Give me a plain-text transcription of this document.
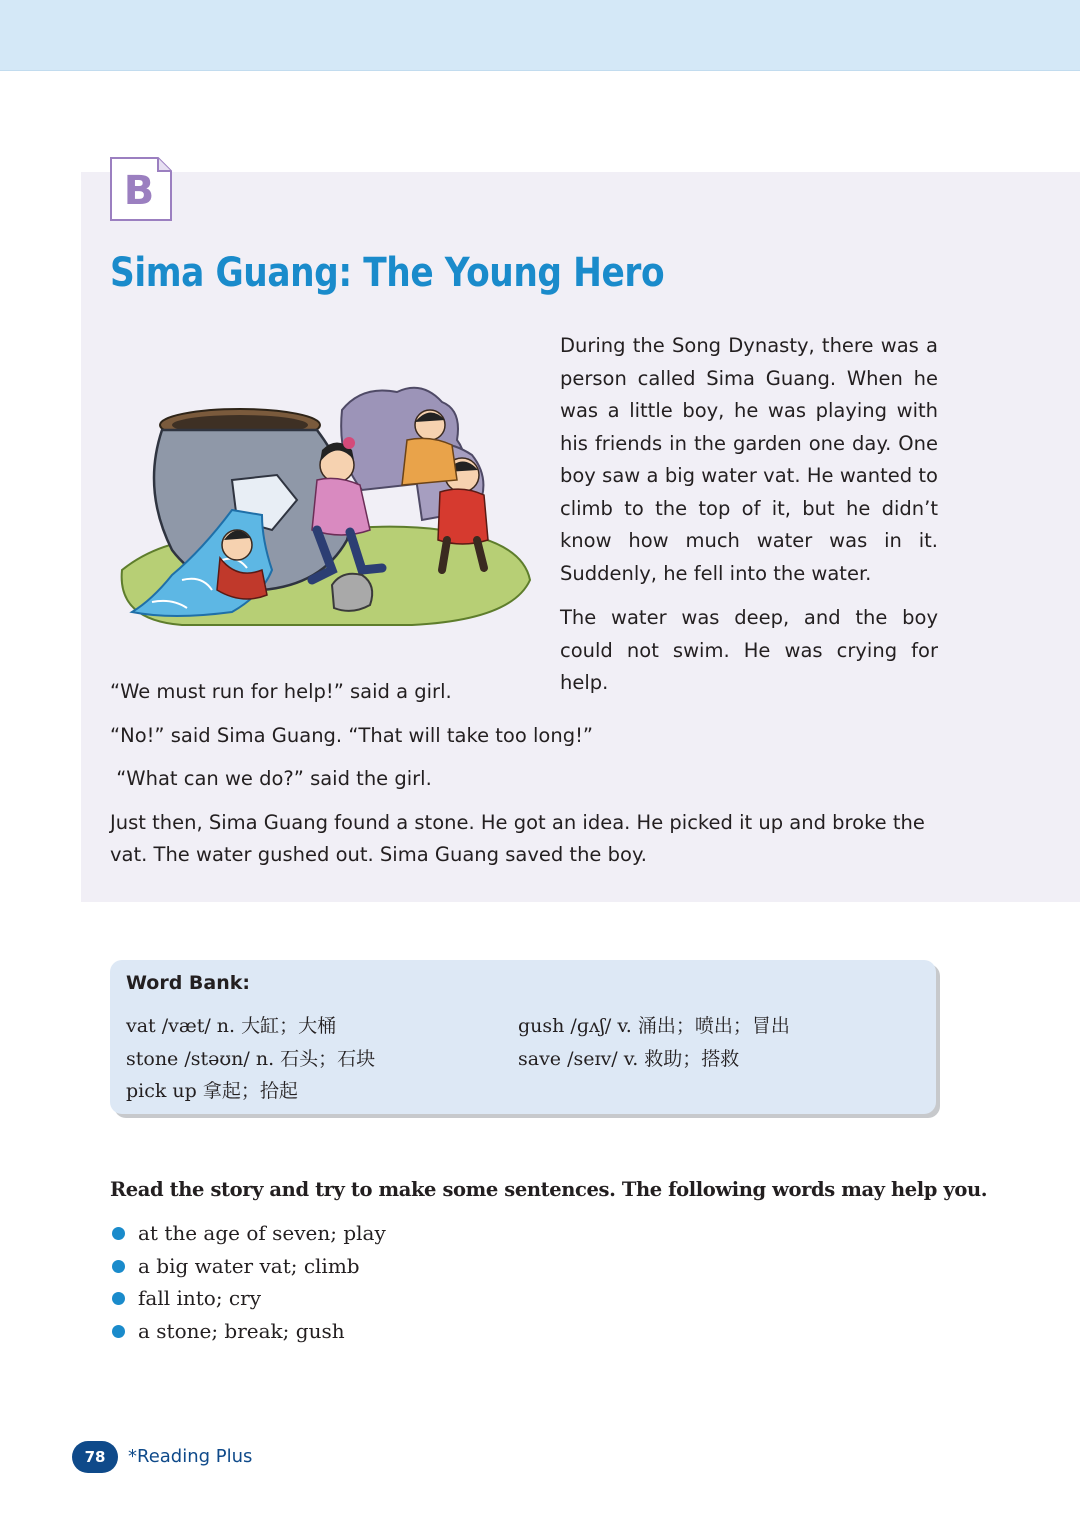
B
Sima Guang: The Young Hero

During the Song Dynasty, there was a person called Sima Guang. When he was a little boy, he was playing with his friends in the garden one day. One boy saw a big water vat. He wanted to climb to the top of it, but he didn’t know how much water was in it. Suddenly, he fell into the water.

The water was deep, and the boy could not swim. He was crying for help.

“We must run for help!” said a girl.

“No!” said Sima Guang. “That will take too long!”

“What can we do?” said the girl.

Just then, Sima Guang found a stone. He got an idea. He picked it up and broke the vat. The water gushed out. Sima Guang saved the boy.

Word Bank:
vat /væt/ n. 大缸；大桶
stone /stəʊn/ n. 石头；石块
pick up 拿起；拾起
gush /ɡʌʃ/ v. 涌出；喷出；冒出
save /seɪv/ v. 救助；搭救
Read the story and try to make some sentences. The following words may help you.
at the age of seven; play
a big water vat; climb
fall into; cry
a stone; break; gush
78	*Reading Plus
